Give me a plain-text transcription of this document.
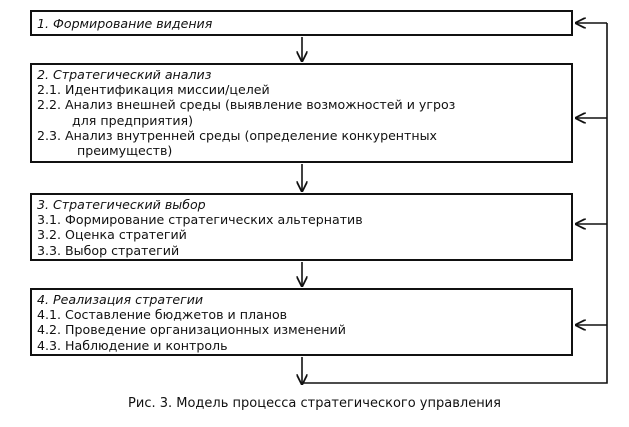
1. Формирование видения
2. Стратегический анализ
2.1. Идентификация миссии/целей
2.2. Анализ внешней среды (выявление возможностей и угроз
для предприятия)
2.3. Анализ внутренней среды (определение конкурентных
преимуществ)
3. Стратегический выбор
3.1. Формирование стратегических альтернатив
3.2. Оценка стратегий
3.3. Выбор стратегий
4. Реализация стратегии
4.1. Составление бюджетов и планов
4.2. Проведение организационных изменений
4.3. Наблюдение и контроль
Рис. 3. Модель процесса стратегического управления
